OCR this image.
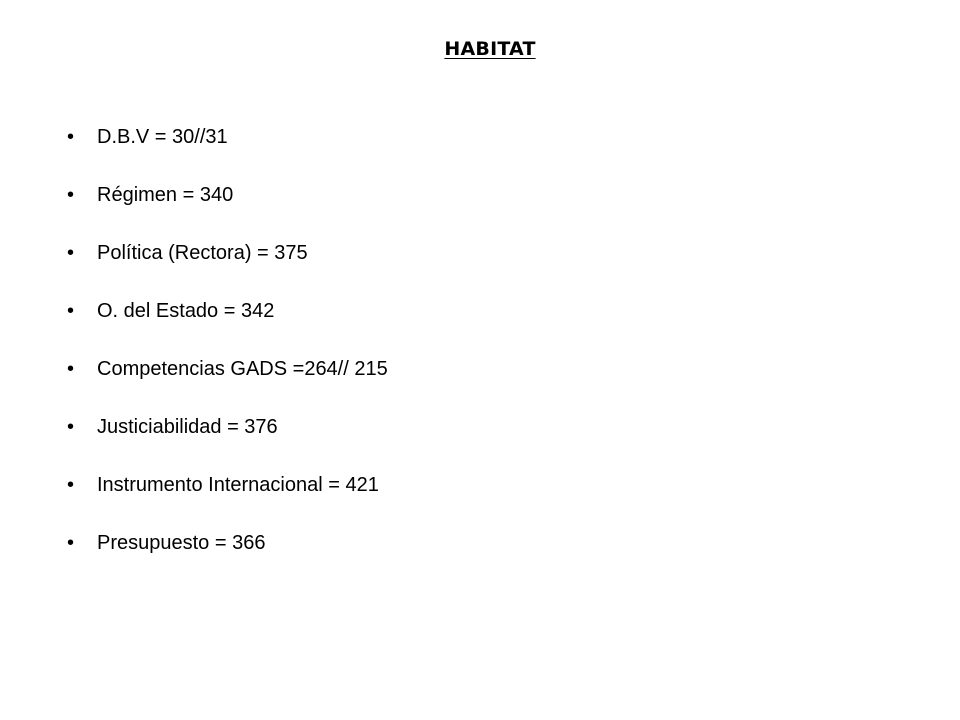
HABITAT
•	D.B.V = 30//31
•	Régimen = 340
•	Política (Rectora) = 375
•	O. del Estado = 342
•	Competencias GADS =264// 215
•	Justiciabilidad = 376
•	Instrumento Internacional = 421
•	Presupuesto = 366
